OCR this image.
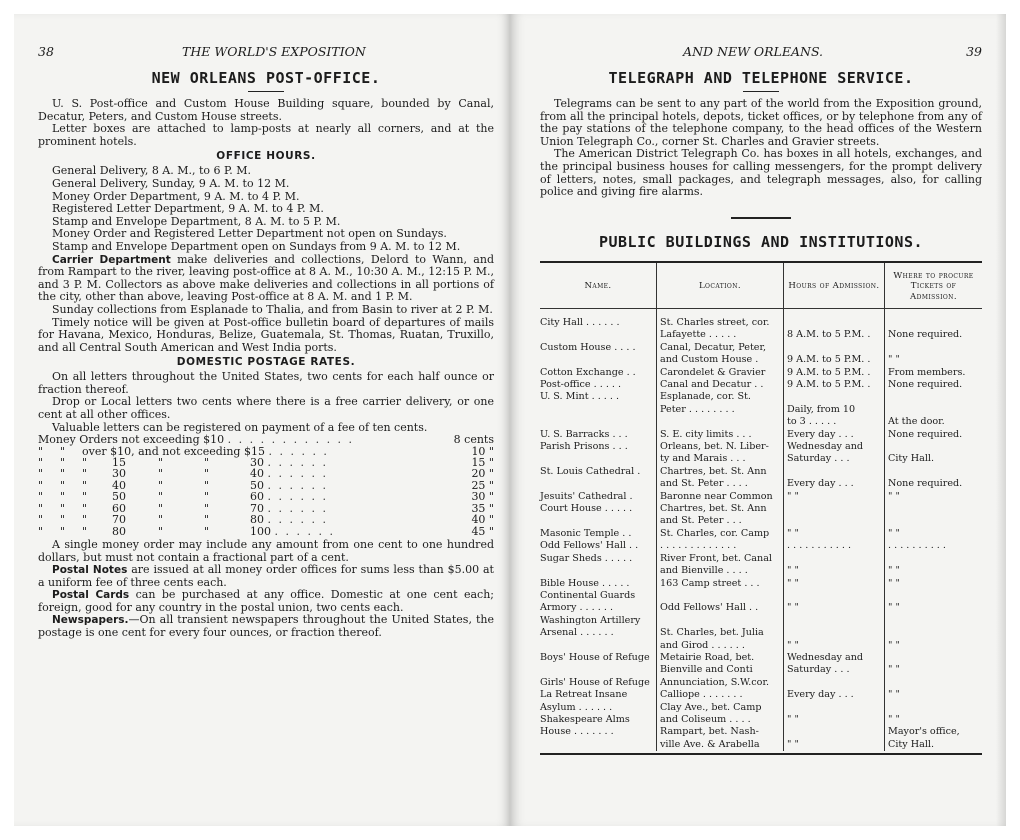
38	THE WORLD'S EXPOSITION
NEW ORLEANS POST-OFFICE.

U. S. Post-office and Custom House Building square, bounded by Canal, Decatur, Peters, and Custom House streets.

Letter boxes are attached to lamp-posts at nearly all corners, and at the prominent hotels.

OFFICE HOURS.

General Delivery, 8 A. M., to 6 P. M.

General Delivery, Sunday, 9 A. M. to 12 M.

Money Order Department, 9 A. M. to 4 P. M.

Registered Letter Department, 9 A. M. to 4 P. M.

Stamp and Envelope Department, 8 A. M. to 5 P. M.

Money Order and Registered Letter Department not open on Sundays.

Stamp and Envelope Department open on Sundays from 9 A. M. to 12 M.

Carrier Department make deliveries and collections, Delord to Wann, and from Rampart to the river, leaving post-office at 8 A. M., 10:30 A. M., 12:15 P. M., and 3 P. M. Collectors as above make deliveries and collections in all portions of the city, other than above, leaving Post-office at 8 A. M. and 1 P. M.

Sunday collections from Esplanade to Thalia, and from Basin to river at 2 P. M.

Timely notice will be given at Post-office bulletin board of departures of mails for Havana, Mexico, Honduras, Belize, Guatemala, St. Thomas, Ruatan, Truxillo, and all Central South American and West India ports.

DOMESTIC POSTAGE RATES.

On all letters throughout the United States, two cents for each half ounce or fraction thereof.

Drop or Local letters two cents where there is a free carrier delivery, or one cent at all other offices.

Valuable letters can be registered on payment of a fee of ten cents.

Money Orders not exceeding $10 . . . . . . . . . . . .							8 cents
"	"	over $10, and not exceeding $15 . . . . . .					10 "
"	"	"	15	"	"	30 . . . . . .	15 "
"	"	"	30	"	"	40 . . . . . .	20 "
"	"	"	40	"	"	50 . . . . . .	25 "
"	"	"	50	"	"	60 . . . . . .	30 "
"	"	"	60	"	"	70 . . . . . .	35 "
"	"	"	70	"	"	80 . . . . . .	40 "
"	"	"	80	"	"	100 . . . . . .	45 "

A single money order may include any amount from one cent to one hundred dollars, but must not contain a fractional part of a cent.

Postal Notes are issued at all money order offices for sums less than $5.00 at a uniform fee of three cents each.

Postal Cards can be purchased at any office. Domestic at one cent each; foreign, good for any country in the postal union, two cents each.

Newspapers.—On all transient newspapers throughout the United States, the postage is one cent for every four ounces, or fraction thereof.

AND NEW ORLEANS.	39
TELEGRAPH AND TELEPHONE SERVICE.

Telegrams can be sent to any part of the world from the Exposition ground, from all the principal hotels, depots, ticket offices, or by telephone from any of the pay stations of the telephone company, to the head offices of the Western Union Telegraph Co., corner St. Charles and Gravier streets.

The American District Telegraph Co. has boxes in all hotels, exchanges, and the principal business houses for calling messengers, for the prompt delivery of letters, notes, small packages, and telegraph messages, also, for calling police and giving fire alarms.

PUBLIC BUILDINGS AND INSTITUTIONS.
Name.	Location.	Hours of Admission.	Where to procure Tickets of Admission.

City Hall . . . . . .	St. Charles street, cor.		
	Lafayette . . . . .	8 A.M. to 5 P.M. .	None required.
Custom House . . . .	Canal, Decatur, Peter,		
	and Custom House .	9 A.M. to 5 P.M. .	" "
Cotton Exchange . .	Carondelet & Gravier	9 A.M. to 5 P.M. .	From members.
Post-office . . . . .	Canal and Decatur . .	9 A.M. to 5 P.M. .	None required.
U. S. Mint . . . . .	Esplanade, cor. St.		
	Peter . . . . . . . .	Daily, from 10	
		to 3 . . . . .	At the door.
U. S. Barracks . . .	S. E. city limits . . .	Every day . . .	None required.
Parish Prisons . . .	Orleans, bet. N. Liber-	Wednesday and	
	ty and Marais . . .	Saturday . . .	City Hall.
St. Louis Cathedral .	Chartres, bet. St. Ann		
	and St. Peter . . . .	Every day . . .	None required.
Jesuits' Cathedral .	Baronne near Common	" "	" "
Court House . . . . .	Chartres, bet. St. Ann		
	and St. Peter . . .		
Masonic Temple . .	St. Charles, cor. Camp	" "	" "
Odd Fellows' Hall . .	. . . . . . . . . . . . .	. . . . . . . . . . .	. . . . . . . . . .
Sugar Sheds . . . . .	River Front, bet. Canal		
	and Bienville . . . .	" "	" "
Bible House . . . . .	163 Camp street . . .	" "	" "
Continental Guards			
Armory . . . . . .	Odd Fellows' Hall . .	" "	" "
Washington Artillery			
Arsenal . . . . . .	St. Charles, bet. Julia		
	and Girod . . . . . .	" "	" "
Boys' House of Refuge	Metairie Road, bet.	Wednesday and	
	Bienville and Conti	Saturday . . .	" "
Girls' House of Refuge	Annunciation, S.W.cor.		
La Retreat Insane	Calliope . . . . . . .	Every day . . .	" "
Asylum . . . . . .	Clay Ave., bet. Camp		
Shakespeare Alms	and Coliseum . . . .	" "	" "
House . . . . . . .	Rampart, bet. Nash-		Mayor's office,
	ville Ave. & Arabella	" "	City Hall.
